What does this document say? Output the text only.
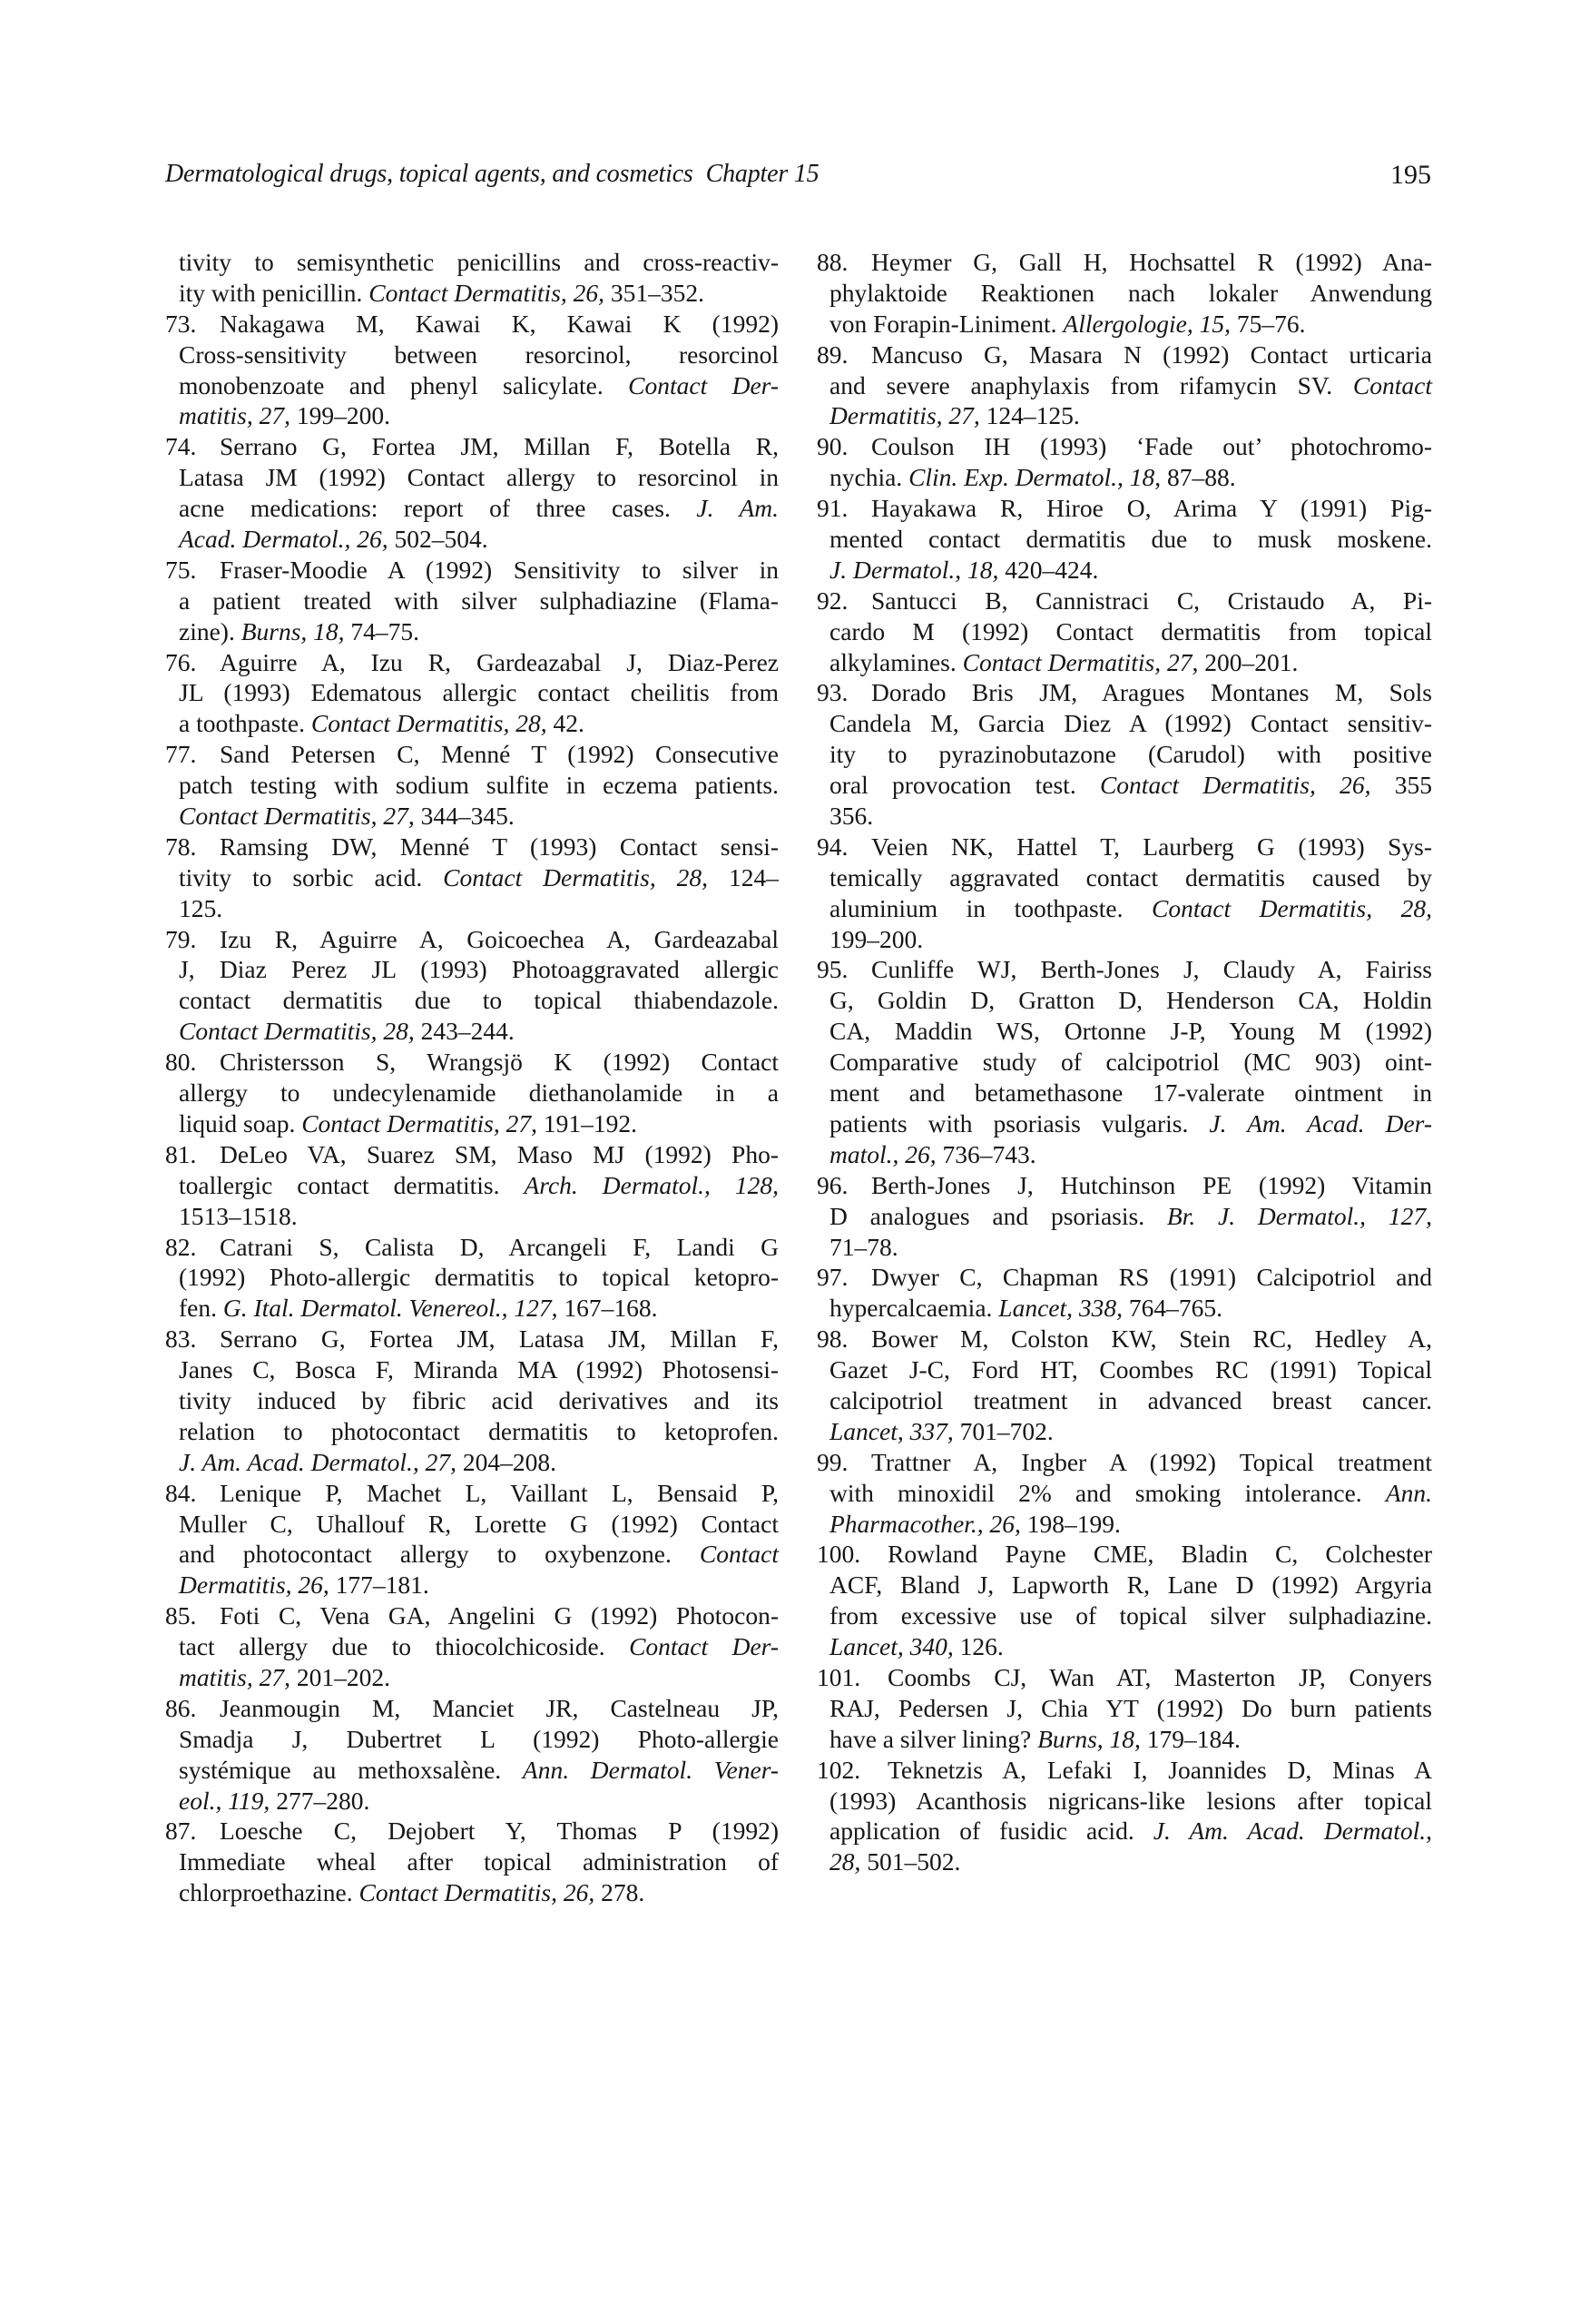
Dermatological drugs, topical agents, and cosmetics Chapter 15	195
tivity to semisynthetic penicillins and cross-reactiv-
ity with penicillin. Contact Dermatitis, 26, 351–352.
73. Nakagawa M, Kawai K, Kawai K (1992)
Cross-sensitivity between resorcinol, resorcinol
monobenzoate and phenyl salicylate. Contact Der-
matitis, 27, 199–200.
74. Serrano G, Fortea JM, Millan F, Botella R,
Latasa JM (1992) Contact allergy to resorcinol in
acne medications: report of three cases. J. Am.
Acad. Dermatol., 26, 502–504.
75. Fraser-Moodie A (1992) Sensitivity to silver in
a patient treated with silver sulphadiazine (Flama-
zine). Burns, 18, 74–75.
76. Aguirre A, Izu R, Gardeazabal J, Diaz-Perez
JL (1993) Edematous allergic contact cheilitis from
a toothpaste. Contact Dermatitis, 28, 42.
77. Sand Petersen C, Menné T (1992) Consecutive
patch testing with sodium sulfite in eczema patients.
Contact Dermatitis, 27, 344–345.
78. Ramsing DW, Menné T (1993) Contact sensi-
tivity to sorbic acid. Contact Dermatitis, 28, 124–
125.
79. Izu R, Aguirre A, Goicoechea A, Gardeazabal
J, Diaz Perez JL (1993) Photoaggravated allergic
contact dermatitis due to topical thiabendazole.
Contact Dermatitis, 28, 243–244.
80. Christersson S, Wrangsjö K (1992) Contact
allergy to undecylenamide diethanolamide in a
liquid soap. Contact Dermatitis, 27, 191–192.
81. DeLeo VA, Suarez SM, Maso MJ (1992) Pho-
toallergic contact dermatitis. Arch. Dermatol., 128,
1513–1518.
82. Catrani S, Calista D, Arcangeli F, Landi G
(1992) Photo-allergic dermatitis to topical ketopro-
fen. G. Ital. Dermatol. Venereol., 127, 167–168.
83. Serrano G, Fortea JM, Latasa JM, Millan F,
Janes C, Bosca F, Miranda MA (1992) Photosensi-
tivity induced by fibric acid derivatives and its
relation to photocontact dermatitis to ketoprofen.
J. Am. Acad. Dermatol., 27, 204–208.
84. Lenique P, Machet L, Vaillant L, Bensaid P,
Muller C, Uhallouf R, Lorette G (1992) Contact
and photocontact allergy to oxybenzone. Contact
Dermatitis, 26, 177–181.
85. Foti C, Vena GA, Angelini G (1992) Photocon-
tact allergy due to thiocolchicoside. Contact Der-
matitis, 27, 201–202.
86. Jeanmougin M, Manciet JR, Castelneau JP,
Smadja J, Dubertret L (1992) Photo-allergie
systémique au methoxsalène. Ann. Dermatol. Vener-
eol., 119, 277–280.
87. Loesche C, Dejobert Y, Thomas P (1992)
Immediate wheal after topical administration of
chlorproethazine. Contact Dermatitis, 26, 278.
88. Heymer G, Gall H, Hochsattel R (1992) Ana-
phylaktoide Reaktionen nach lokaler Anwendung
von Forapin-Liniment. Allergologie, 15, 75–76.
89. Mancuso G, Masara N (1992) Contact urticaria
and severe anaphylaxis from rifamycin SV. Contact
Dermatitis, 27, 124–125.
90. Coulson IH (1993) ‘Fade out’ photochromo-
nychia. Clin. Exp. Dermatol., 18, 87–88.
91. Hayakawa R, Hiroe O, Arima Y (1991) Pig-
mented contact dermatitis due to musk moskene.
J. Dermatol., 18, 420–424.
92. Santucci B, Cannistraci C, Cristaudo A, Pi-
cardo M (1992) Contact dermatitis from topical
alkylamines. Contact Dermatitis, 27, 200–201.
93. Dorado Bris JM, Aragues Montanes M, Sols
Candela M, Garcia Diez A (1992) Contact sensitiv-
ity to pyrazinobutazone (Carudol) with positive
oral provocation test. Contact Dermatitis, 26, 355
356.
94. Veien NK, Hattel T, Laurberg G (1993) Sys-
temically aggravated contact dermatitis caused by
aluminium in toothpaste. Contact Dermatitis, 28,
199–200.
95. Cunliffe WJ, Berth-Jones J, Claudy A, Fairiss
G, Goldin D, Gratton D, Henderson CA, Holdin
CA, Maddin WS, Ortonne J-P, Young M (1992)
Comparative study of calcipotriol (MC 903) oint-
ment and betamethasone 17-valerate ointment in
patients with psoriasis vulgaris. J. Am. Acad. Der-
matol., 26, 736–743.
96. Berth-Jones J, Hutchinson PE (1992) Vitamin
D analogues and psoriasis. Br. J. Dermatol., 127,
71–78.
97. Dwyer C, Chapman RS (1991) Calcipotriol and
hypercalcaemia. Lancet, 338, 764–765.
98. Bower M, Colston KW, Stein RC, Hedley A,
Gazet J-C, Ford HT, Coombes RC (1991) Topical
calcipotriol treatment in advanced breast cancer.
Lancet, 337, 701–702.
99. Trattner A, Ingber A (1992) Topical treatment
with minoxidil 2% and smoking intolerance. Ann.
Pharmacother., 26, 198–199.
100. Rowland Payne CME, Bladin C, Colchester
ACF, Bland J, Lapworth R, Lane D (1992) Argyria
from excessive use of topical silver sulphadiazine.
Lancet, 340, 126.
101. Coombs CJ, Wan AT, Masterton JP, Conyers
RAJ, Pedersen J, Chia YT (1992) Do burn patients
have a silver lining? Burns, 18, 179–184.
102. Teknetzis A, Lefaki I, Joannides D, Minas A
(1993) Acanthosis nigricans-like lesions after topical
application of fusidic acid. J. Am. Acad. Dermatol.,
28, 501–502.
